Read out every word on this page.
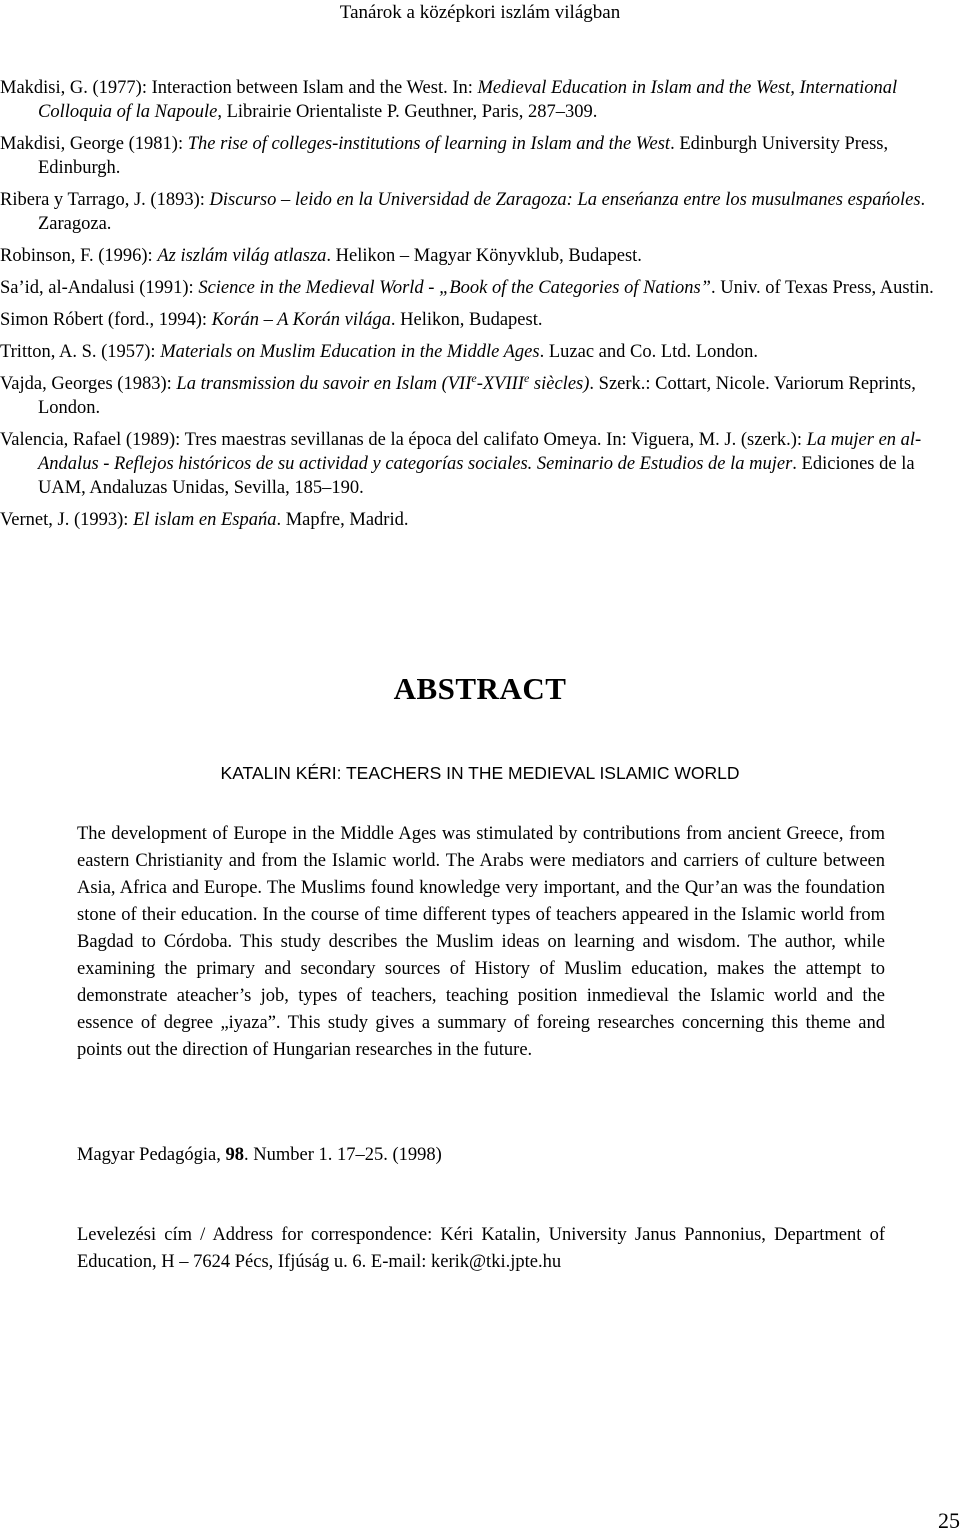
Tanárok a középkori iszlám világban

Makdisi, G. (1977): Interaction between Islam and the West. In: Medieval Education in Islam and the West, International Colloquia of la Napoule, Librairie Orientaliste P. Geuthner, Paris, 287–309.

Makdisi, George (1981): The rise of colleges-institutions of learning in Islam and the West. Edinburgh University Press, Edinburgh.

Ribera y Tarrago, J. (1893): Discurso – leido en la Universidad de Zaragoza: La enseńanza entre los musulmanes espańoles. Zaragoza.

Robinson, F. (1996): Az iszlám világ atlasza. Helikon – Magyar Könyvklub, Budapest.

Sa’id, al-Andalusi (1991): Science in the Medieval World - „Book of the Categories of Nations”. Univ. of Texas Press, Austin.

Simon Róbert (ford., 1994): Korán – A Korán világa. Helikon, Budapest.

Tritton, A. S. (1957): Materials on Muslim Education in the Middle Ages. Luzac and Co. Ltd. London.

Vajda, Georges (1983): La transmission du savoir en Islam (VIIe-XVIIIe siècles). Szerk.: Cottart, Nicole. Variorum Reprints, London.

Valencia, Rafael (1989): Tres maestras sevillanas de la época del califato Omeya. In: Viguera, M. J. (szerk.): La mujer en al-Andalus - Reflejos históricos de su actividad y categorías sociales. Seminario de Estudios de la mujer. Ediciones de la UAM, Andaluzas Unidas, Sevilla, 185–190.

Vernet, J. (1993): El islam en Espańa. Mapfre, Madrid.

ABSTRACT
KATALIN KÉRI: TEACHERS IN THE MEDIEVAL ISLAMIC WORLD

The development of Europe in the Middle Ages was stimulated by contributions from ancient Greece, from eastern Christianity and from the Islamic world. The Arabs were mediators and carriers of culture between Asia, Africa and Europe. The Muslims found knowledge very important, and the Qur’an was the foundation stone of their education. In the course of time different types of teachers appeared in the Islamic world from Bagdad to Córdoba. This study describes the Muslim ideas on learning and wisdom. The author, while examining the primary and secondary sources of History of Muslim education, makes the attempt to demonstrate ateacher’s job, types of teachers, teaching position inmedieval the Islamic world and the essence of degree „iyaza”. This study gives a summary of foreing researches concerning this theme and points out the direction of Hungarian researches in the future.

Magyar Pedagógia, 98. Number 1. 17–25. (1998)

Levelezési cím / Address for correspondence: Kéri Katalin, University Janus Pannonius, Department of Education, H – 7624 Pécs, Ifjúság u. 6. E-mail: kerik@tki.jpte.hu

25
